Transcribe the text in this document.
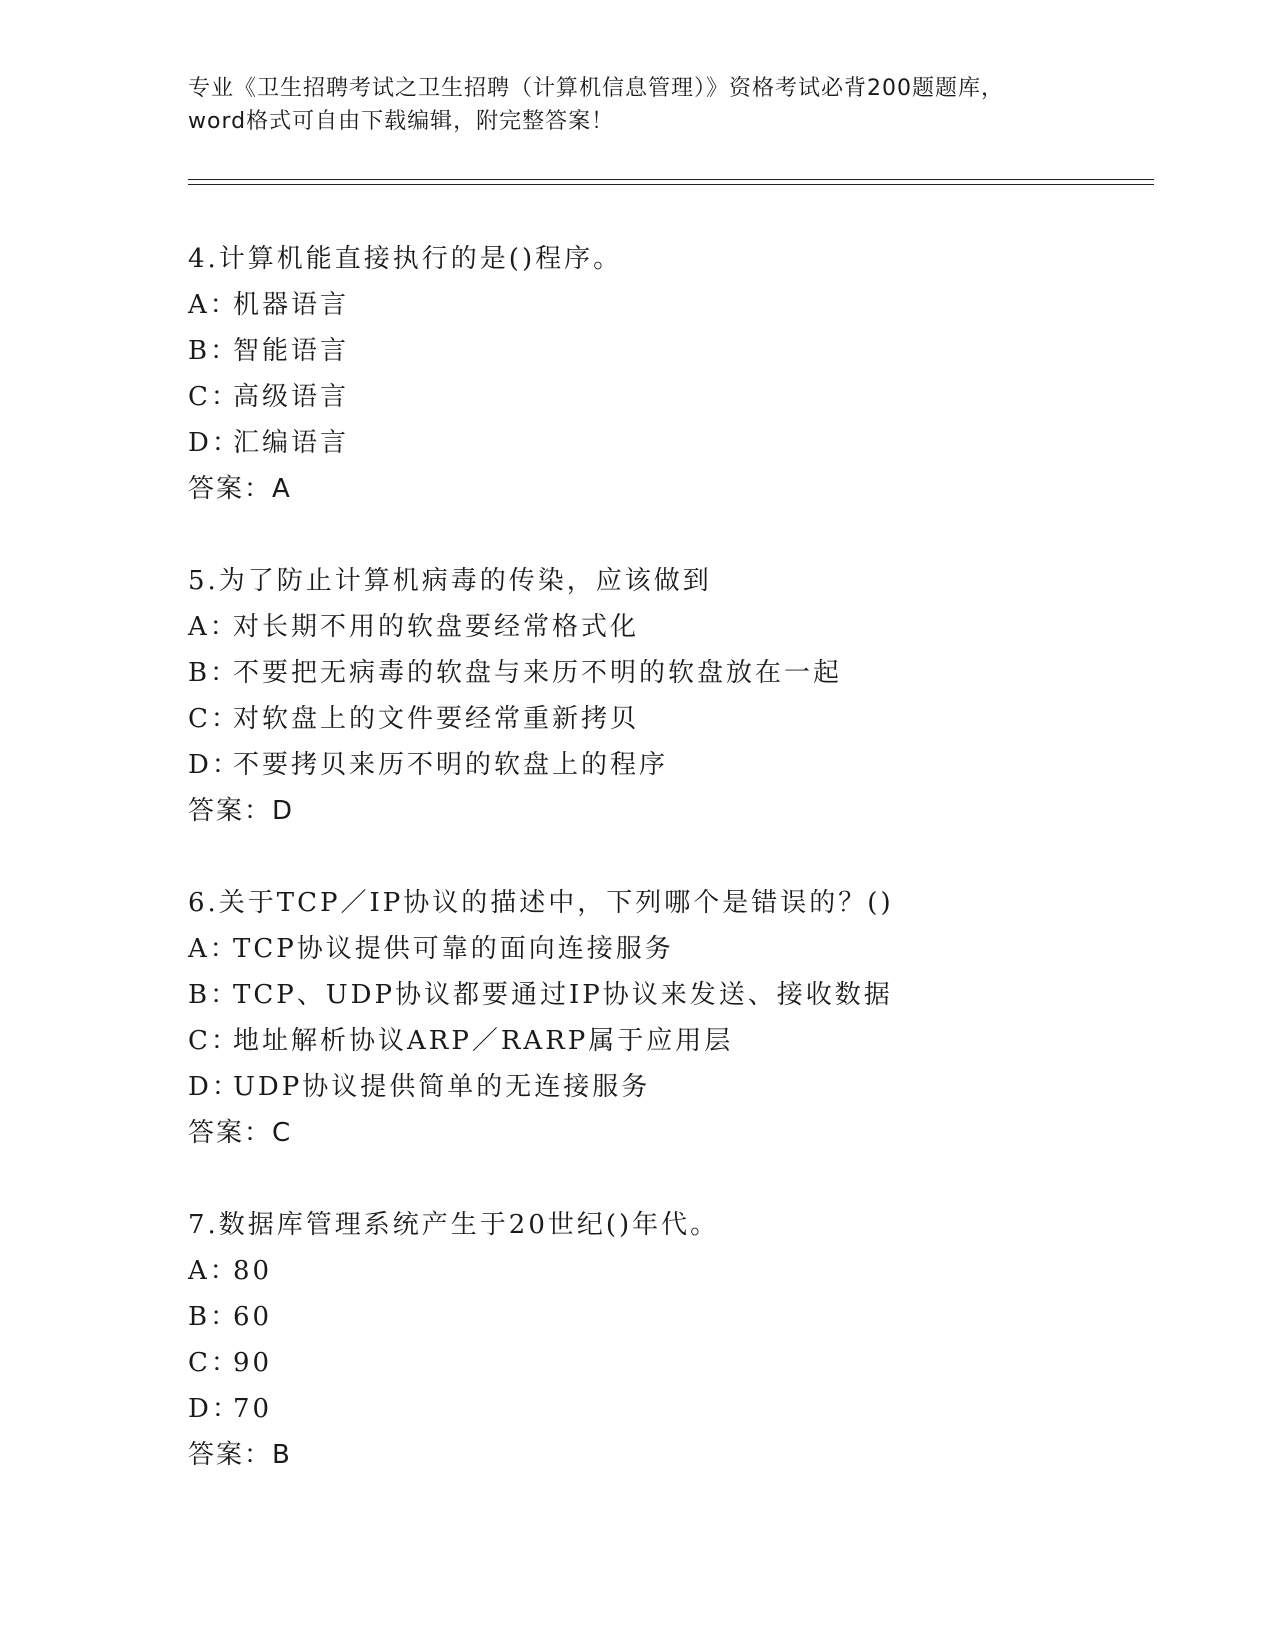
专业《卫生招聘考试之卫生招聘（计算机信息管理）》资格考试必背200题题库，
word格式可自由下载编辑，附完整答案！
4.计算机能直接执行的是()程序。
A：机器语言
B：智能语言
C：高级语言
D：汇编语言
答案：A
5.为了防止计算机病毒的传染，应该做到
A：对长期不用的软盘要经常格式化
B：不要把无病毒的软盘与来历不明的软盘放在一起
C：对软盘上的文件要经常重新拷贝
D：不要拷贝来历不明的软盘上的程序
答案：D
6.关于TCP／IP协议的描述中，下列哪个是错误的？()
A：TCP协议提供可靠的面向连接服务
B：TCP、UDP协议都要通过IP协议来发送、接收数据
C：地址解析协议ARP／RARP属于应用层
D：UDP协议提供简单的无连接服务
答案：C
7.数据库管理系统产生于20世纪()年代。
A：80
B：60
C：90
D：70
答案：B
